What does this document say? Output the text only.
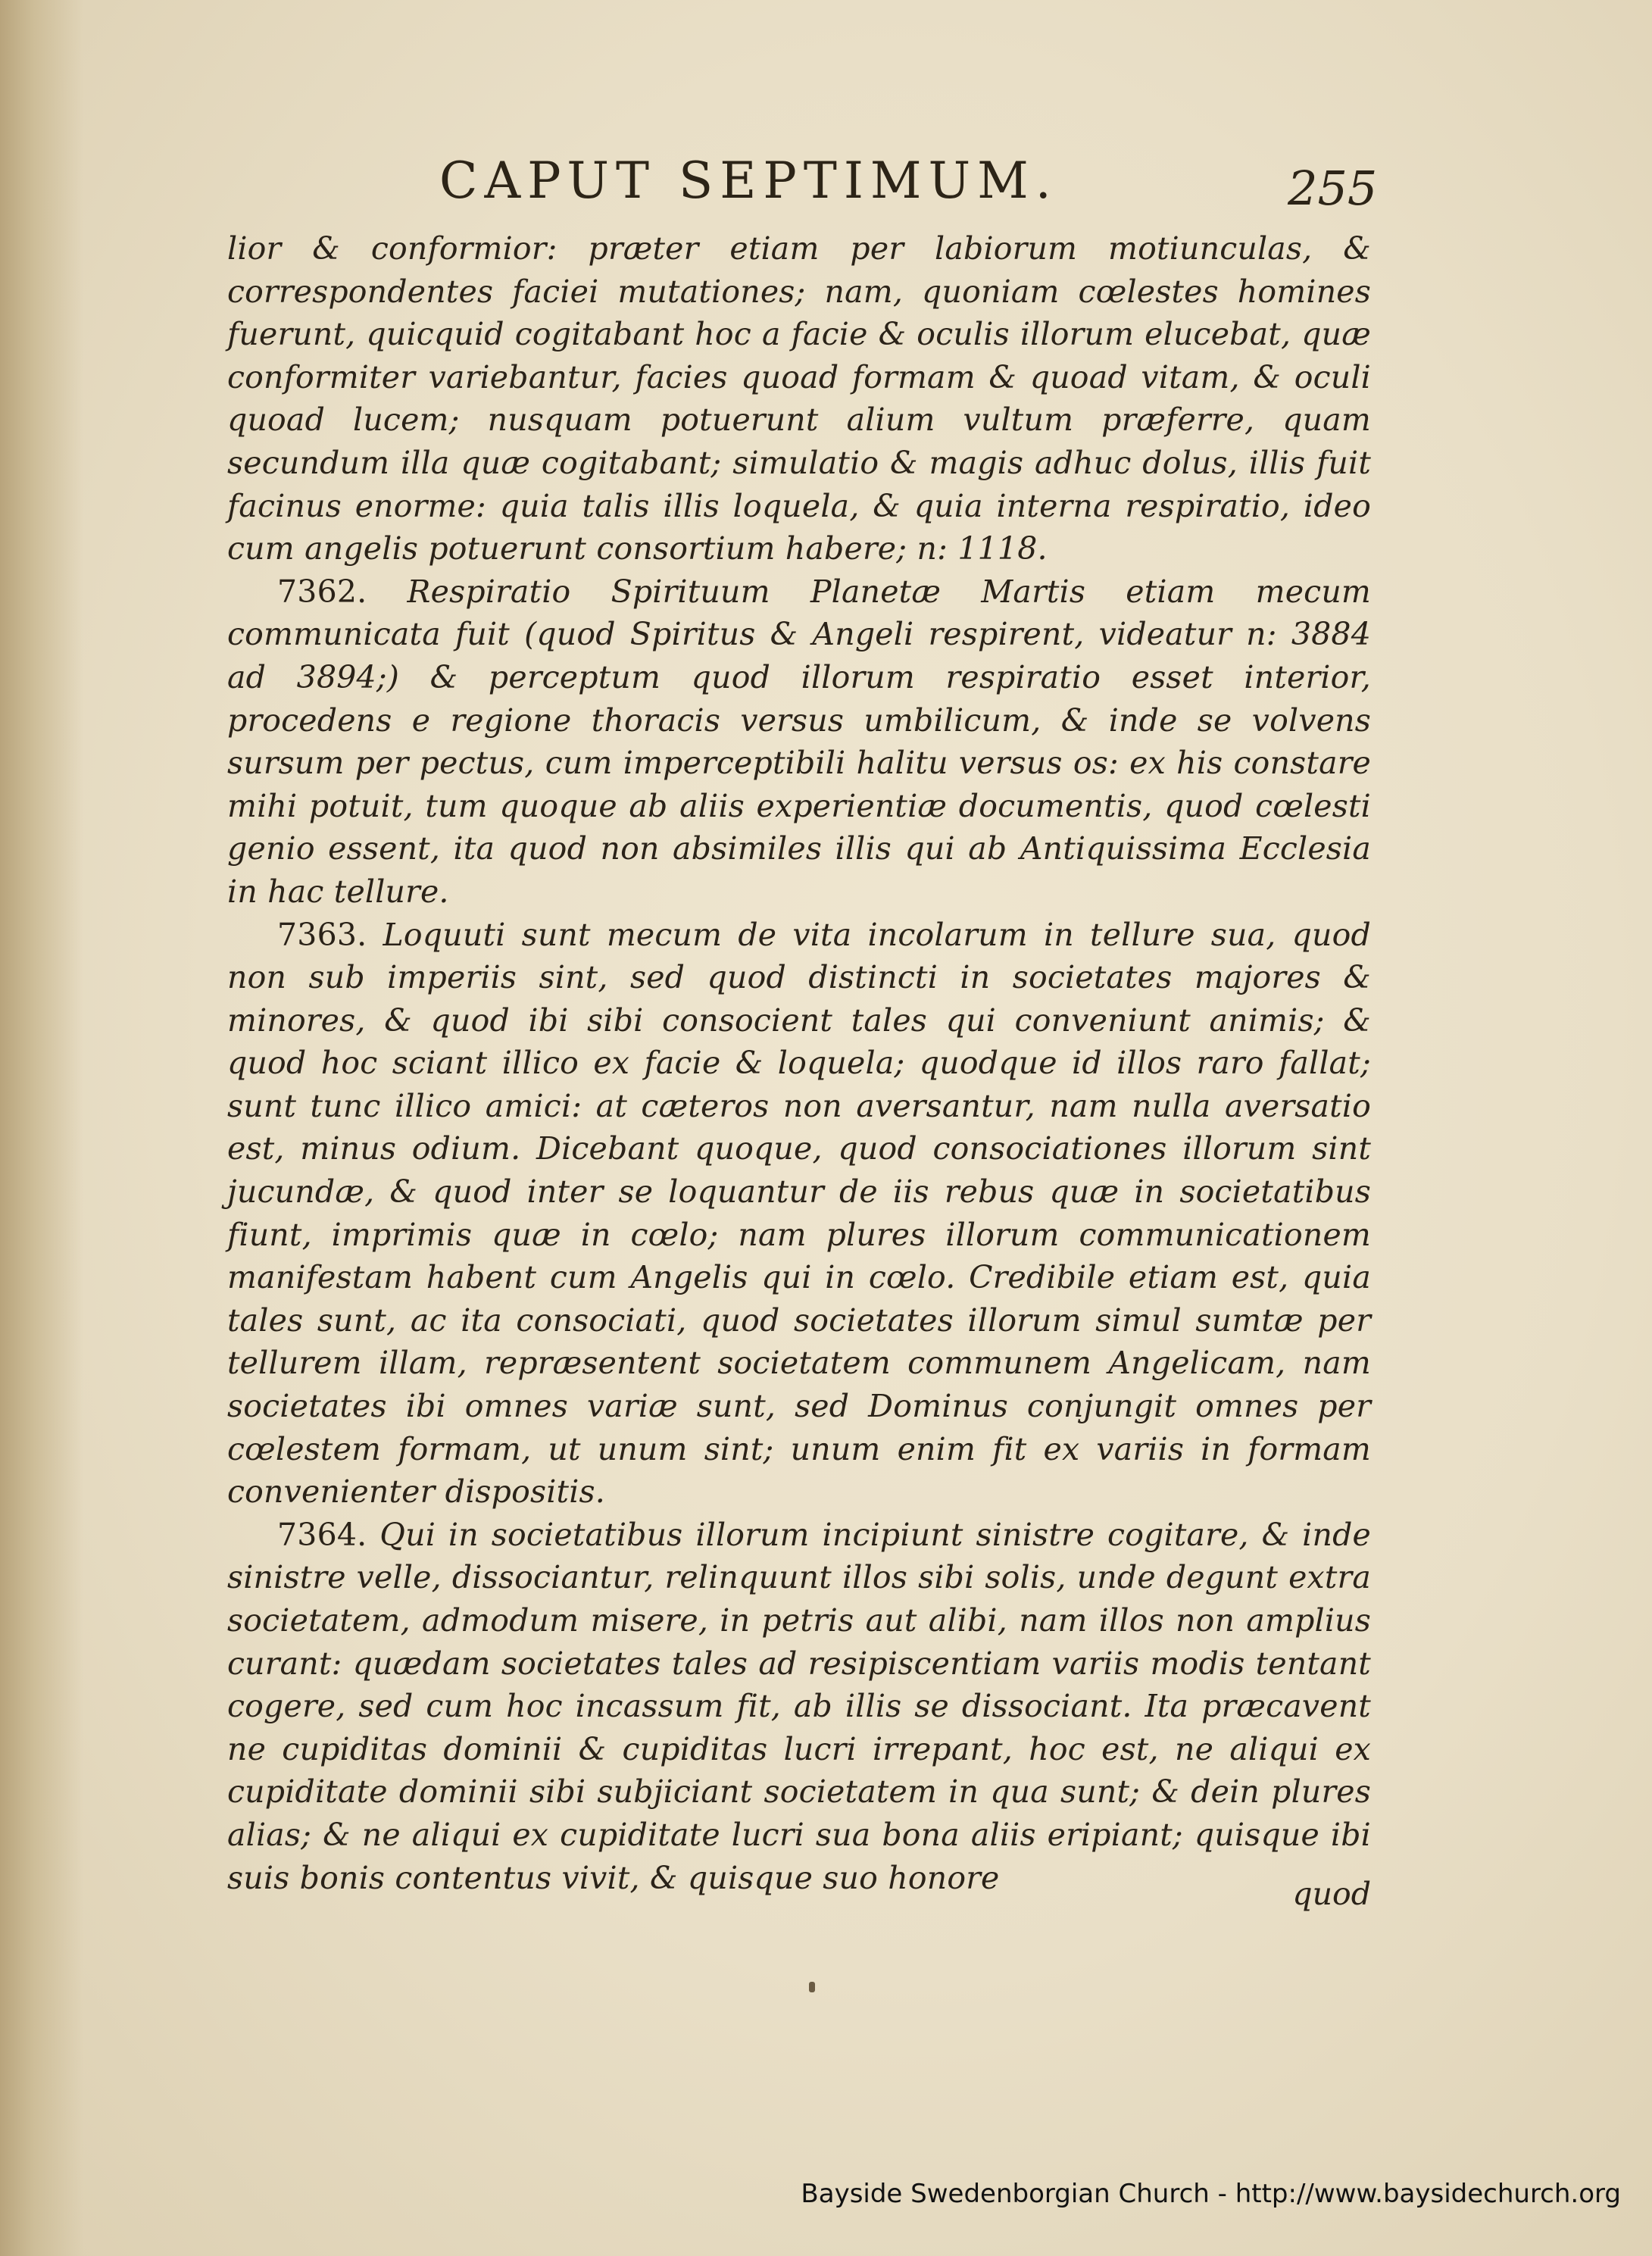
CAPUT SEPTIMUM.	255

lior & conformior: præter etiam per labiorum motiunculas, & correspondentes faciei mutationes; nam, quoniam cœlestes homines fuerunt, quicquid cogitabant hoc a facie & oculis illorum elucebat, quæ conformiter variebantur, facies quoad formam & quoad vitam, & oculi quoad lucem; nusquam potuerunt alium vultum præferre, quam secundum illa quæ cogitabant; simulatio & magis adhuc dolus, illis fuit facinus enorme: quia talis illis loquela, & quia interna respiratio, ideo cum angelis potuerunt consortium habere; n: 1118.

7362. Respiratio Spirituum Planetæ Martis etiam mecum communicata fuit (quod Spiritus & Angeli respirent, videatur n: 3884 ad 3894;) & perceptum quod illorum respiratio esset interior, procedens e regione thoracis versus umbilicum, & inde se volvens sursum per pectus, cum imperceptibili halitu versus os: ex his constare mihi potuit, tum quoque ab aliis experientiæ documentis, quod cœlesti genio essent, ita quod non absimiles illis qui ab Antiquissima Ecclesia in hac tellure.

7363. Loquuti sunt mecum de vita incolarum in tellure sua, quod non sub imperiis sint, sed quod distincti in societates majores & minores, & quod ibi sibi consocient tales qui conveniunt animis; & quod hoc sciant illico ex facie & loquela; quodque id illos raro fallat; sunt tunc illico amici: at cæteros non aversantur, nam nulla aversatio est, minus odium. Dicebant quoque, quod consociationes illorum sint jucundæ, & quod inter se loquantur de iis rebus quæ in societatibus fiunt, imprimis quæ in cœlo; nam plures illorum communicationem manifestam habent cum Angelis qui in cœlo. Credibile etiam est, quia tales sunt, ac ita consociati, quod societates illorum simul sumtæ per tellurem illam, repræsentent societatem communem Angelicam, nam societates ibi omnes variæ sunt, sed Dominus conjungit omnes per cœlestem formam, ut unum sint; unum enim fit ex variis in formam convenienter dispositis.

7364. Qui in societatibus illorum incipiunt sinistre cogitare, & inde sinistre velle, dissociantur, relinquunt illos sibi solis, unde degunt extra societatem, admodum misere, in petris aut alibi, nam illos non amplius curant: quædam societates tales ad resipiscentiam variis modis tentant cogere, sed cum hoc incassum fit, ab illis se dissociant. Ita præcavent ne cupiditas dominii & cupiditas lucri irrepant, hoc est, ne aliqui ex cupiditate dominii sibi subjiciant societatem in qua sunt; & dein plures alias; & ne aliqui ex cupiditate lucri sua bona aliis eripiant; quisque ibi suis bonis contentus vivit, & quisque suo honore	quod
Bayside Swedenborgian Church - http://www.baysidechurch.org
